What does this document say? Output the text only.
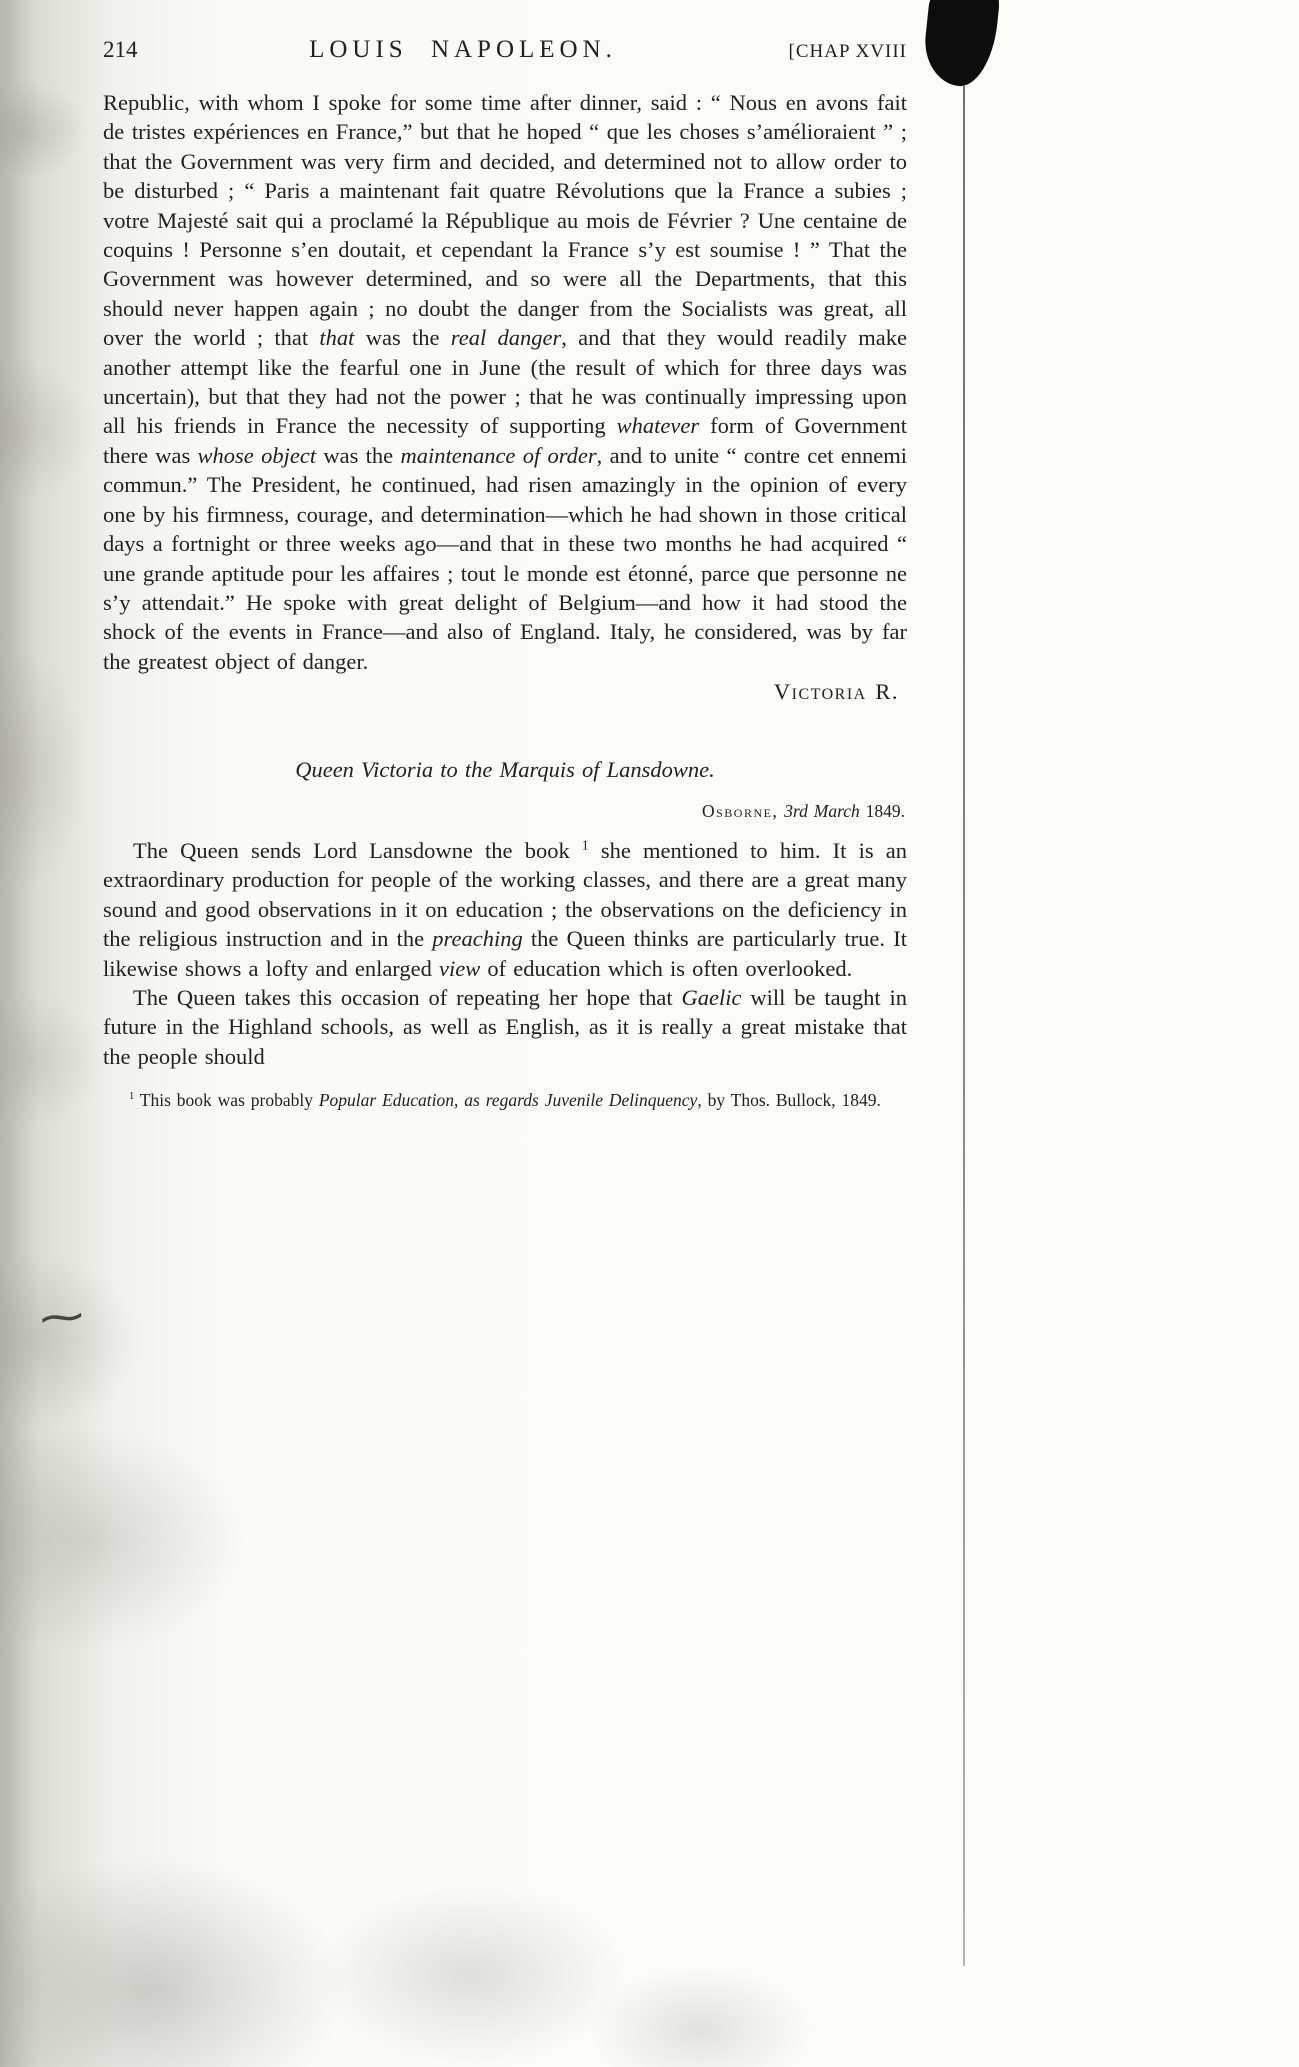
~
214	LOUIS NAPOLEON.	[CHAP XVIII

Republic, with whom I spoke for some time after dinner, said : “ Nous en avons fait de tristes expériences en France,” but that he hoped “ que les choses s’amélioraient ” ; that the Government was very firm and decided, and determined not to allow order to be disturbed ; “ Paris a maintenant fait quatre Révolutions que la France a subies ; votre Majesté sait qui a proclamé la République au mois de Février ? Une centaine de coquins ! Personne s’en doutait, et cependant la France s’y est soumise ! ” That the Government was however determined, and so were all the Departments, that this should never happen again ; no doubt the danger from the Socialists was great, all over the world ; that that was the real danger, and that they would readily make another attempt like the fearful one in June (the result of which for three days was uncertain), but that they had not the power ; that he was continually impressing upon all his friends in France the necessity of supporting whatever form of Government there was whose object was the maintenance of order, and to unite “ contre cet ennemi commun.” The President, he continued, had risen amazingly in the opinion of every one by his firmness, courage, and determination—which he had shown in those critical days a fortnight or three weeks ago—and that in these two months he had acquired “ une grande aptitude pour les affaires ; tout le monde est étonné, parce que personne ne s’y attendait.” He spoke with great delight of Belgium—and how it had stood the shock of the events in France—and also of England. Italy, he considered, was by far the greatest object of danger.

Victoria R.

Queen Victoria to the Marquis of Lansdowne.

Osborne, 3rd March 1849.

The Queen sends Lord Lansdowne the book $^1$ she mentioned to him. It is an extraordinary production for people of the working classes, and there are a great many sound and good observations in it on education ; the observations on the deficiency in the religious instruction and in the preaching the Queen thinks are particularly true. It likewise shows a lofty and enlarged view of education which is often overlooked.

The Queen takes this occasion of repeating her hope that Gaelic will be taught in future in the Highland schools, as well as English, as it is really a great mistake that the people should

$^1$ This book was probably Popular Education, as regards Juvenile Delinquency, by Thos. Bullock, 1849.
